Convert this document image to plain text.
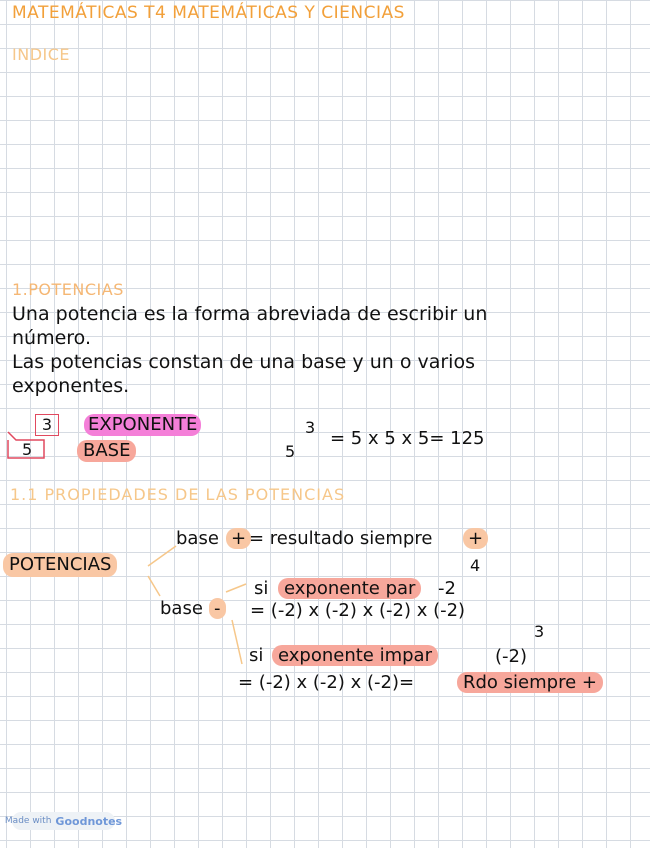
MATEMÁTICAS T4 MATEMÁTICAS Y CIENCIAS
INDICE
1.POTENCIAS
Una potencia es la forma abreviada de escribir un
número.
Las potencias constan de una base y un o varios
exponentes.
3	EXPONENTE
5	BASE	5
3
= 5 x 5 x 5= 125
1.1 PROPIEDADES DE LAS POTENCIAS
POTENCIAS
base + = resultado siempre +
4
base -
si exponente par	-2
= (-2) x (-2) x (-2) x (-2)
si exponente impar	(-2)
3
= (-2) x (-2) x (-2)=	Rdo siempre +
Made with Goodnotes
